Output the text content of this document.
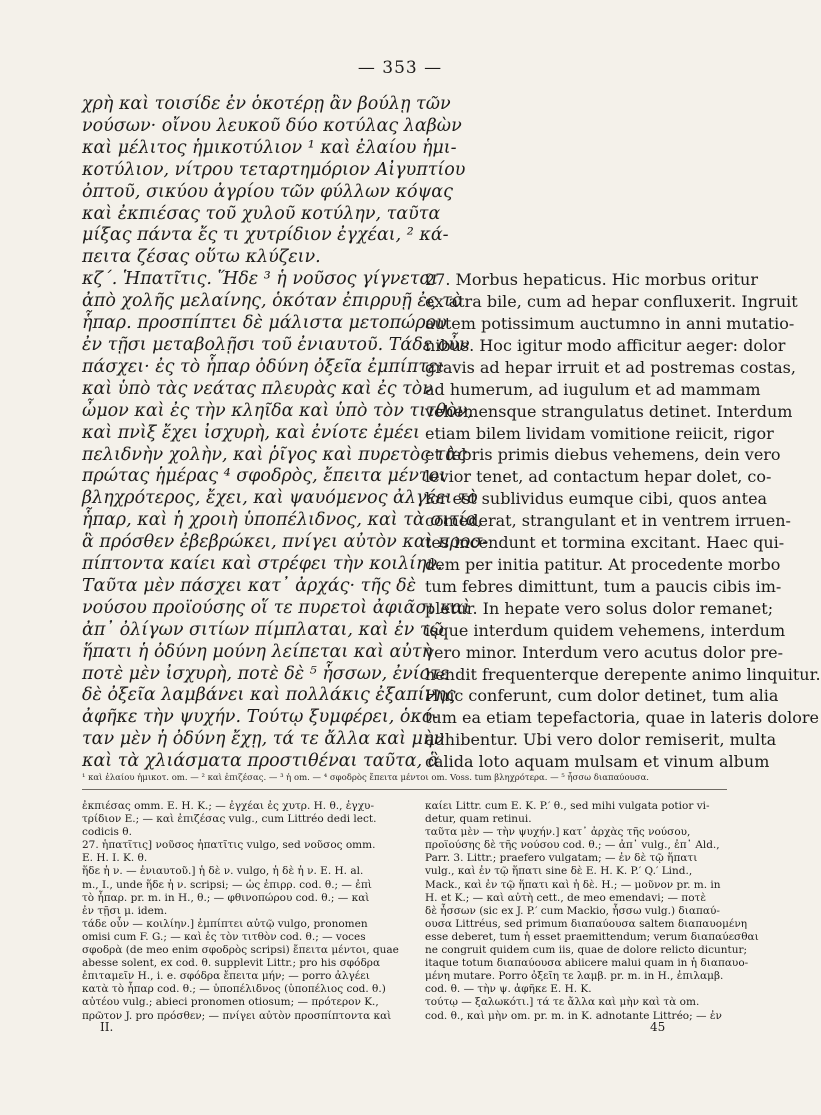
— 353 —
χρὴ καὶ τοισίδε ἐν ὁκοτέρῃ ἂν βούλῃ τῶν
νούσων· οἴνου λευκοῦ δύο κοτύλας λαβὼν
καὶ μέλιτος ἡμικοτύλιον ¹ καὶ ἐλαίου ἡμι-
κοτύλιον, νίτρου τεταρτημόριον Αἰγυπτίου
ὀπτοῦ, σικύου ἀγρίου τῶν φύλλων κόψας
καὶ ἐκπιέσας τοῦ χυλοῦ κοτύλην, ταῦτα
μίξας πάντα ἔς τι χυτρίδιον ἐγχέαι, ² κά-
πειτα ζέσας οὕτω κλύζειν.
κζ΄. Ἡπατῖτις. Ἥδε ³ ἡ νοῦσος γίγνεται
ἀπὸ χολῆς μελαίνης, ὁκόταν ἐπιρρυῇ ἐς τὸ
ἧπαρ. προσπίπτει δὲ μάλιστα μετοπώρου
ἐν τῇσι μεταβολῇσι τοῦ ἐνιαυτοῦ. Τάδε οὖν
πάσχει· ἐς τὸ ἧπαρ ὀδύνη ὀξεῖα ἐμπίπτει
καὶ ὑπὸ τὰς νεάτας πλευρὰς καὶ ἐς τὸν
ὦμον καὶ ἐς τὴν κληῖδα καὶ ὑπὸ τὸν τιτθὸν,
καὶ πνὶξ ἔχει ἰσχυρὴ, καὶ ἐνίοτε ἐμέει
πελιδνὴν χολὴν, καὶ ῥῖγος καὶ πυρετὸς τὰς
πρώτας ἡμέρας ⁴ σφοδρὸς, ἔπειτα μέντοι
βληχρότερος, ἔχει, καὶ ψαυόμενος ἀλγέει τὸ
ἧπαρ, καὶ ἡ χροιὴ ὑποπέλιδνος, καὶ τὰ σιτία,
ἃ πρόσθεν ἐβεβρώκει, πνίγει αὐτὸν καὶ προσ-
πίπτοντα καίει καὶ στρέφει τὴν κοιλίην.
Ταῦτα μὲν πάσχει κατ᾽ ἀρχάς· τῆς δὲ
νούσου προϊούσης οἵ τε πυρετοὶ ἀφιᾶσι καὶ
ἀπ᾽ ὀλίγων σιτίων πίμπλαται, καὶ ἐν τῷ
ἥπατι ἡ ὀδύνη μούνη λείπεται καὶ αὐτὴ
ποτὲ μὲν ἰσχυρὴ, ποτὲ δὲ ⁵ ἧσσων, ἐνίοτε
δὲ ὀξεῖα λαμβάνει καὶ πολλάκις ἐξαπίνης
ἀφῆκε τὴν ψυχήν. Τούτῳ ξυμφέρει, ὁκό-
ταν μὲν ἡ ὀδύνη ἔχῃ, τά τε ἄλλα καὶ μὴν
καὶ τὰ χλιάσματα προστιθέναι ταῦτα, ἃ

27. Morbus hepaticus. Hic morbus oritur

ex atra bile, cum ad hepar confluxerit. Ingruit

autem potissimum auctumno in anni mutatio-

nibus. Hoc igitur modo afficitur aeger: dolor

gravis ad hepar irruit et ad postremas costas,

ad humerum, ad iugulum et ad mammam

vehemensque strangulatus detinet. Interdum

etiam bilem lividam vomitione reiicit, rigor

et febris primis diebus vehemens, dein vero

levior tenet, ad contactum hepar dolet, co-

lor est sublividus eumque cibi, quos antea

comederat, strangulant et in ventrem irruen-

tes incendunt et tormina excitant. Haec qui-

dem per initia patitur. At procedente morbo

tum febres dimittunt, tum a paucis cibis im-

pletur. In hepate vero solus dolor remanet;

isque interdum quidem vehemens, interdum

vero minor. Interdum vero acutus dolor pre-

hendit frequenterque derepente animo linquitur.

Huic conferunt, cum dolor detinet, tum alia

tum ea etiam tepefactoria, quae in lateris dolore

adhibentur. Ubi vero dolor remiserit, multa

calida loto aquam mulsam et vinum album

¹ καὶ ἐλαίου ἡμικοτ. om. — ² καὶ ἐπιζέσας. — ³ ἡ om. — ⁴ σφοδρὸς ἔπειτα μέντοι om. Voss. tum βληχρότερα. — ⁵ ἧσσω διαπαύουσα.

ἐκπιέσας omm. E. H. K.; — ἐγχέαι ἐς χυτρ. H. θ., ἐγχυ-

τρίδιον E.; — καὶ ἐπιζέσας vulg., cum Littréo dedi lect.

codicis θ.

27. ἡπατῖτις] νοῦσος ἡπατῖτις vulgo, sed νοῦσος omm.

E. H. I. K. θ.

ἥδε ἡ ν. — ἐνιαυτοῦ.] ἡ δὲ ν. vulgo, ἡ δὲ ἡ ν. E. H. al.

m., I., unde ἥδε ἡ ν. scripsi; — ὡς ἐπιρρ. cod. θ.; — ἐπὶ

τὸ ἧπαρ. pr. m. in H., θ.; — φθινοπώρου cod. θ.; — καὶ

ἐν τῇσι μ. idem.

τάδε οὖν — κοιλίην.] ἐμπίπτει αὐτῷ vulgo, pronomen

omisi cum F. G.; — καὶ ἐς τὸν τιτθὸν cod. θ.; — voces

σφοδρὰ (de meo enim σφοδρὸς scripsi) ἔπειτα μέντοι, quae

abesse solent, ex cod. θ. supplevit Littr.; pro his σφόδρα

ἐπιταμεῖν H., i. e. σφόδρα ἔπειτα μήν; — porro ἀλγέει

κατὰ τὸ ἧπαρ cod. θ.; — ὑποπέλιδνος (ὑποπέλιος cod. θ.)

αὐτέου vulg.; abieci pronomen otiosum; — πρότερον K.,

πρῶτον J. pro πρόσθεν; — πνίγει αὐτὸν προσπίπτοντα καὶ

καίει Littr. cum E. K. P.′ θ., sed mihi vulgata potior vi-

detur, quam retinui.

ταῦτα μὲν — τὴν ψυχήν.] κατ᾽ ἀρχὰς τῆς νούσου,

προϊούσης δὲ τῆς νούσου cod. θ.; — ἀπ᾽ vulg., ἐπ᾽ Ald.,

Parr. 3. Littr.; praefero vulgatam; — ἐν δὲ τῷ ἥπατι

vulg., καὶ ἐν τῷ ἥπατι sine δὲ E. H. K. P.′ Q.′ Lind.,

Mack., καὶ ἐν τῷ ἥπατι καὶ ἡ δὲ. H.; — μοῦνον pr. m. in

H. et K.; — καὶ αὐτὴ cett., de meo emendavi; — ποτὲ

δὲ ἧσσων (sic ex J. P.′ cum Mackio, ἧσσω vulg.) διαπαύ-

ουσα Littréus, sed primum διαπαύουσα saltem διαπαυομένη

esse deberet, tum ἡ esset praemittendum; verum διαπαύεσθαι

ne congruit quidem cum iis, quae de dolore relicto dicuntur;

itaque totum διαπαύουσα abiicere malui quam in ἡ διαπαυο-

μένη mutare. Porro ὀξεῖη τε λαμβ. pr. m. in H., ἐπιλαμβ.

cod. θ. — τὴν ψ. ἀφῆκε E. H. K.

τούτῳ — ξαλωκότι.] τά τε ἄλλα καὶ μὴν καὶ τὰ om.

cod. θ., καὶ μὴν om. pr. m. in K. adnotante Littréo; — ἐν

II.	45
